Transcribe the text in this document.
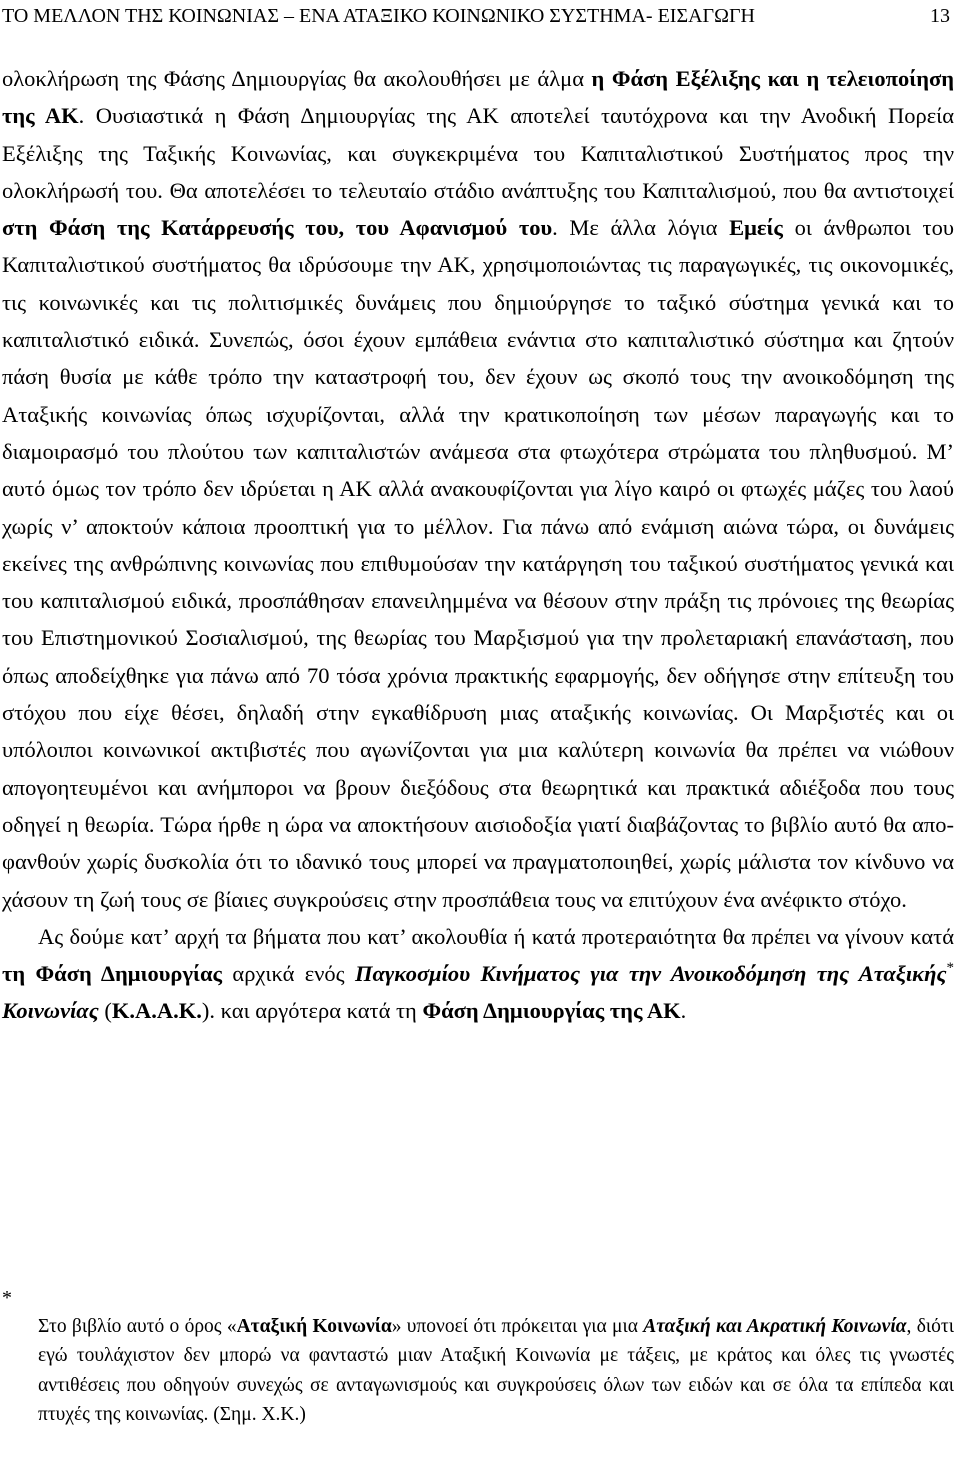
ΤΟ ΜΕΛΛΟΝ ΤΗΣ ΚΟΙΝΩΝΙΑΣ – ΕΝΑ ΑΤΑΞΙΚΟ ΚΟΙΝΩΝΙΚΟ ΣΥΣΤΗΜΑ- ΕΙΣΑΓΩΓΗ	13

ολοκλήρωση της Φάσης Δημιουργίας θα ακολουθήσει με άλμα η Φάση Εξέλιξης και η τελειοποίηση της ΑΚ. Ουσιαστικά η Φάση Δημιουργίας της ΑΚ αποτελεί ταυτόχρονα και την Ανοδική Πορεία Εξέλιξης της Ταξικής Κοινωνίας, και συγκεκριμένα του Καπιταλιστικού Συστήματος προς την ολοκλήρωσή του. Θα αποτελέσει το τελευταίο στάδιο ανάπτυξης του Καπιταλισμού, που θα αντιστοιχεί στη Φάση της Κατάρρευσής του, του Αφανισμού του. Με άλλα λόγια Εμείς οι άνθρωποι του Καπιταλιστικού συστήματος θα ιδρύσουμε την ΑΚ, χρησιμοποιώντας τις παραγωγικές, τις οικονομικές, τις κοινωνικές και τις πολιτισμικές δυνάμεις που δημιούργησε το ταξικό σύστημα γενικά και το καπιταλιστικό ειδικά. Συνεπώς, όσοι έχουν εμπάθεια ενάντια στο καπιταλιστικό σύστημα και ζητούν πάση θυσία με κάθε τρόπο την καταστροφή του, δεν έχουν ως σκοπό τους την ανοικοδόμηση της Αταξικής κοινωνίας όπως ισχυρίζονται, αλλά την κρατικοποίηση των μέσων παραγωγής και το διαμοιρασμό του πλούτου των καπιταλιστών ανάμεσα στα φτωχότερα στρώματα του πληθυσμού. Μ’ αυτό όμως τον τρόπο δεν ιδρύεται η ΑΚ αλλά ανακουφίζονται για λίγο καιρό οι φτωχές μάζες του λαού χωρίς ν’ αποκτούν κάποια προοπτική για το μέλλον. Για πάνω από ενάμιση αιώνα τώρα, οι δυνάμεις εκείνες της ανθρώπινης κοινωνίας που επιθυμούσαν την κατάργηση του ταξικού συστήματος γενικά και του καπιταλισμού ειδικά, προσπάθησαν επανειλημμένα να θέσουν στην πράξη τις πρόνοιες της θεωρίας του Επιστημονικού Σοσιαλισμού, της θεωρίας του Μαρξισμού για την προλεταριακή επανάσταση, που όπως αποδείχθηκε για πάνω από 70 τόσα χρόνια πρακτικής εφαρμογής, δεν οδήγησε στην επίτευξη του στόχου που είχε θέσει, δηλαδή στην εγκαθίδρυση μιας αταξικής κοινωνίας. Οι Μαρξιστές και οι υπόλοιποι κοινωνικοί ακτιβιστές που αγωνίζονται για μια καλύτερη κοινωνία θα πρέπει να νιώθουν απογοητευμένοι και ανήμποροι να βρουν διεξόδους στα θεωρητικά και πρακτικά αδιέξοδα που τους οδηγεί η θεωρία. Τώρα ήρθε η ώρα να αποκτήσουν αισιοδοξία γιατί διαβάζοντας το βιβλίο αυτό θα αποφανθούν χωρίς δυσκολία ότι το ιδανικό τους μπορεί να πραγματοποιηθεί, χωρίς μάλιστα τον κίνδυνο να χάσουν τη ζωή τους σε βίαιες συγκρούσεις στην προσπάθεια τους να επιτύχουν ένα ανέφικτο στόχο.

Ας δούμε κατ’ αρχή τα βήματα που κατ’ ακολουθία ή κατά προτεραιότητα θα πρέπει να γίνουν κατά τη Φάση Δημιουργίας αρχικά ενός Παγκοσμίου Κινήματος για την Ανοικοδόμηση της Αταξικής* Κοινωνίας (Κ.Α.Α.Κ.). και αργότερα κατά τη Φάση Δημιουργίας της ΑΚ.

*
Στο βιβλίο αυτό ο όρος «Αταξική Κοινωνία» υπονοεί ότι πρόκειται για μια Αταξική και Ακρατική Κοινωνία, διότι εγώ τουλάχιστον δεν μπορώ να φανταστώ μιαν Αταξική Κοινωνία με τάξεις, με κράτος και όλες τις γνωστές αντιθέσεις που οδηγούν συνεχώς σε ανταγωνισμούς και συγκρούσεις όλων των ειδών και σε όλα τα επίπεδα και πτυχές της κοινωνίας. (Σημ. Χ.Κ.)
